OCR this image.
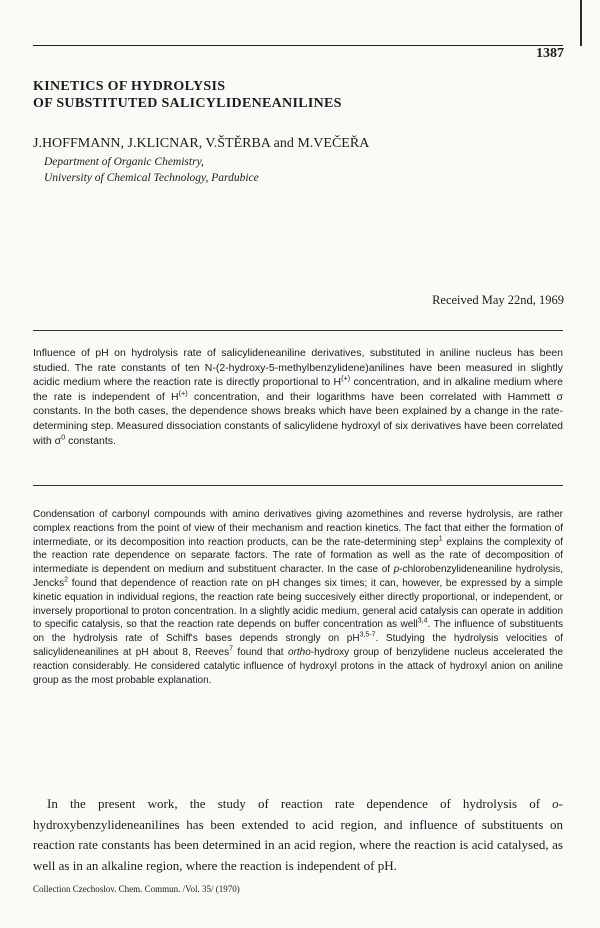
1387
KINETICS OF HYDROLYSIS
OF SUBSTITUTED SALICYLIDENEANILINES
J.HOFFMANN, J.KLICNAR, V.ŠTĚRBA and M.VEČEŘA
Department of Organic Chemistry,
University of Chemical Technology, Pardubice
Received May 22nd, 1969

Influence of pH on hydrolysis rate of salicylideneaniline derivatives, substituted in aniline nucleus has been studied. The rate constants of ten N-(2-hydroxy-5-methylbenzylidene)anilines have been measured in slightly acidic medium where the reaction rate is directly proportional to H(+) concentration, and in alkaline medium where the rate is independent of H(+) concentration, and their logarithms have been correlated with Hammett σ constants. In the both cases, the dependence shows breaks which have been explained by a change in the rate-determining step. Measured dissociation constants of salicylidene hydroxyl of six derivatives have been correlated with $\sigma^0$ constants.

Condensation of carbonyl compounds with amino derivatives giving azomethines and reverse hydrolysis, are rather complex reactions from the point of view of their mechanism and reaction kinetics. The fact that either the formation of intermediate, or its decomposition into reaction products, can be the rate-determining step$^1$ explains the complexity of the reaction rate dependence on separate factors. The rate of formation as well as the rate of decomposition of intermediate is dependent on medium and substituent character. In the case of p-chlorobenzylideneaniline hydrolysis, Jencks$^2$ found that dependence of reaction rate on pH changes six times; it can, however, be expressed by a simple kinetic equation in individual regions, the reaction rate being succesively either directly proportional, or independent, or inversely proportional to proton concentration. In a slightly acidic medium, general acid catalysis can operate in addition to specific catalysis, so that the reaction rate depends on buffer concentration as well$^{3,4}$. The influence of substituents on the hydrolysis rate of Schiff's bases depends strongly on pH$^{3,5-7}$. Studying the hydrolysis velocities of salicylideneanilines at pH about 8, Reeves$^7$ found that ortho-hydroxy group of benzylidene nucleus accelerated the reaction considerably. He considered catalytic influence of hydroxyl protons in the attack of hydroxyl anion on aniline group as the most probable explanation.

In the present work, the study of reaction rate dependence of hydrolysis of o-hydroxybenzylideneanilines has been extended to acid region, and influence of substituents on reaction rate constants has been determined in an acid region, where the reaction is acid catalysed, as well as in an alkaline region, where the reaction is independent of pH.

Collection Czechoslov. Chem. Commun. /Vol. 35/ (1970)
